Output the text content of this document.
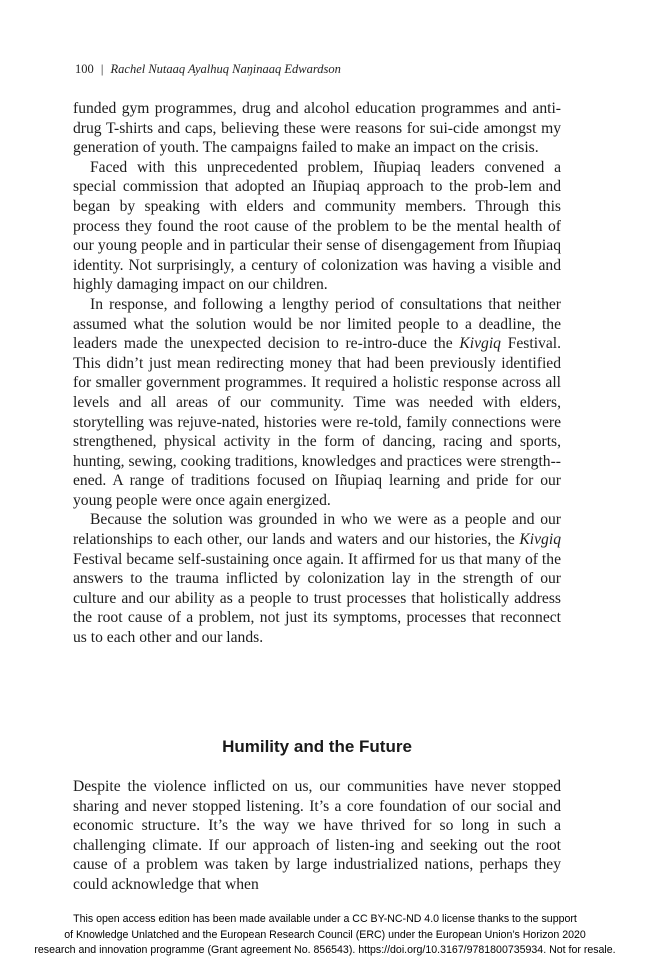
100 | Rachel Nutaaq Ayalhuq Naŋinaaq Edwardson

funded gym programmes, drug and alcohol education programmes and anti-drug T-shirts and caps, believing these were reasons for sui-cide amongst my generation of youth. The campaigns failed to make an impact on the crisis.

Faced with this unprecedented problem, Iñupiaq leaders convened a special commission that adopted an Iñupiaq approach to the prob-lem and began by speaking with elders and community members. Through this process they found the root cause of the problem to be the mental health of our young people and in particular their sense of disengagement from Iñupiaq identity. Not surprisingly, a century of colonization was having a visible and highly damaging impact on our children.

In response, and following a lengthy period of consultations that neither assumed what the solution would be nor limited people to a deadline, the leaders made the unexpected decision to re-intro-duce the Kivgiq Festival. This didn’t just mean redirecting money that had been previously identified for smaller government programmes. It required a holistic response across all levels and all areas of our community. Time was needed with elders, storytelling was rejuve-nated, histories were re-told, family connections were strengthened, physical activity in the form of dancing, racing and sports, hunting, sewing, cooking traditions, knowledges and practices were strength-ened. A range of traditions focused on Iñupiaq learning and pride for our young people were once again energized.

Because the solution was grounded in who we were as a people and our relationships to each other, our lands and waters and our histories, the Kivgiq Festival became self-sustaining once again. It affirmed for us that many of the answers to the trauma inflicted by colonization lay in the strength of our culture and our ability as a people to trust processes that holistically address the root cause of a problem, not just its symptoms, processes that reconnect us to each other and our lands.

Humility and the Future

Despite the violence inflicted on us, our communities have never stopped sharing and never stopped listening. It’s a core foundation of our social and economic structure. It’s the way we have thrived for so long in such a challenging climate. If our approach of listen-ing and seeking out the root cause of a problem was taken by large industrialized nations, perhaps they could acknowledge that when

This open access edition has been made available under a CC BY-NC-ND 4.0 license thanks to the support
of Knowledge Unlatched and the European Research Council (ERC) under the European Union’s Horizon 2020
research and innovation programme (Grant agreement No. 856543). https://doi.org/10.3167/9781800735934. Not for resale.
